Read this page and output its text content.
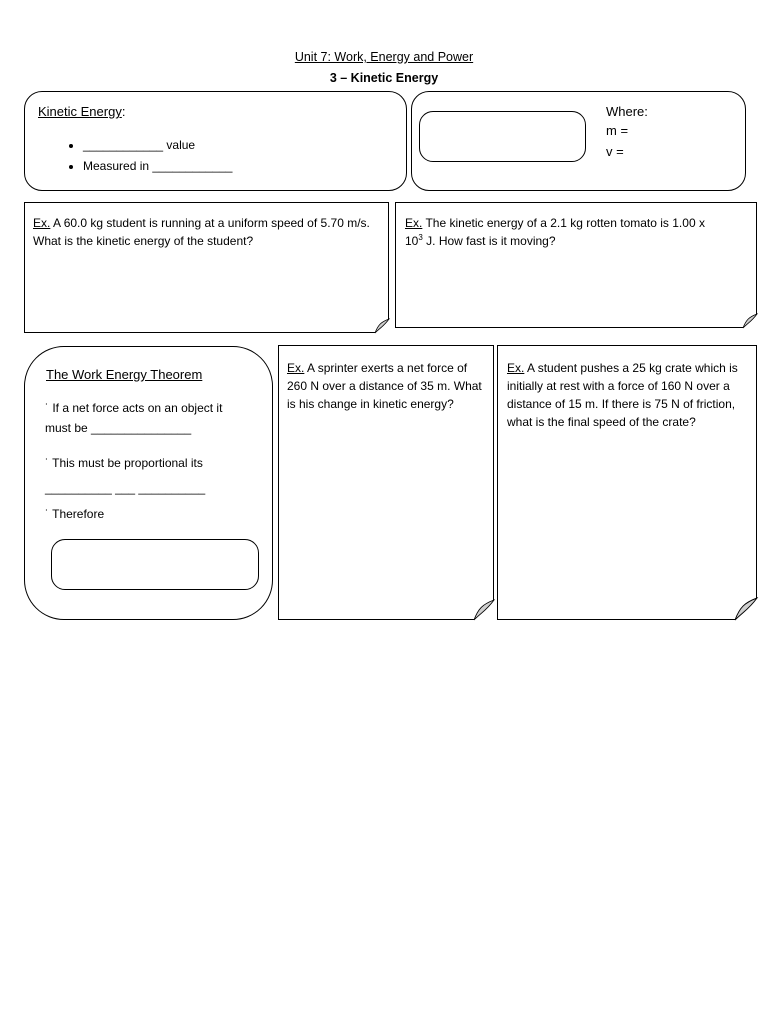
Unit 7: Work, Energy and Power
3 – Kinetic Energy
Kinetic Energy:
• ____________ value
• Measured in ____________
Where:
m =
v =
Ex. A 60.0 kg student is running at a uniform speed of 5.70 m/s. What is the kinetic energy of the student?
Ex. The kinetic energy of a 2.1 kg rotten tomato is 1.00 x $10^3$ J. How fast is it moving?
The Work Energy Theorem
˙ If a net force acts on an object it must be _______________
˙ This must be proportional its __________ ___ __________
˙ Therefore
Ex. A sprinter exerts a net force of 260 N over a distance of 35 m. What is his change in kinetic energy?
Ex. A student pushes a 25 kg crate which is initially at rest with a force of 160 N over a distance of 15 m. If there is 75 N of friction, what is the final speed of the crate?
